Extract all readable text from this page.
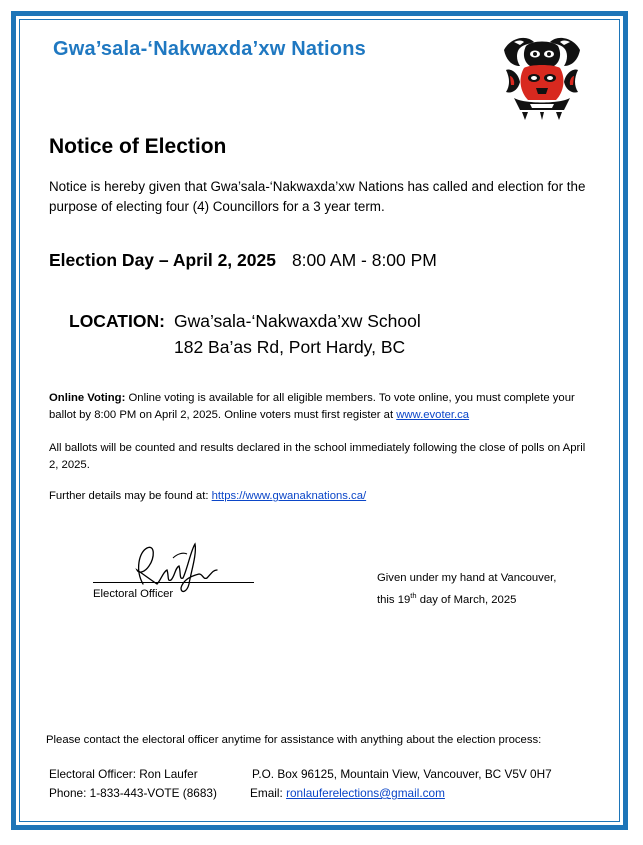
Gwa’sala-‘Nakwaxda’xw Nations
Notice of Election
Notice is hereby given that Gwa’sala-‘Nakwaxda’xw Nations has called and election for the purpose of electing four (4) Councillors for a 3 year term.
Election Day – April 2, 2025 8:00 AM - 8:00 PM
LOCATION: Gwa’sala-‘Nakwaxda’xw School
182 Ba’as Rd, Port Hardy, BC
Online Voting: Online voting is available for all eligible members. To vote online, you must complete your ballot by 8:00 PM on April 2, 2025. Online voters must first register at www.evoter.ca
All ballots will be counted and results declared in the school immediately following the close of polls on April 2, 2025.
Further details may be found at: https://www.gwanaknations.ca/
Electoral Officer
Given under my hand at Vancouver,
this 19th day of March, 2025
Please contact the electoral officer anytime for assistance with anything about the election process:
Electoral Officer: Ron Laufer	P.O. Box 96125, Mountain View, Vancouver, BC V5V 0H7
Phone: 1-833-443-VOTE (8683)	Email: ronlauferelections@gmail.com
